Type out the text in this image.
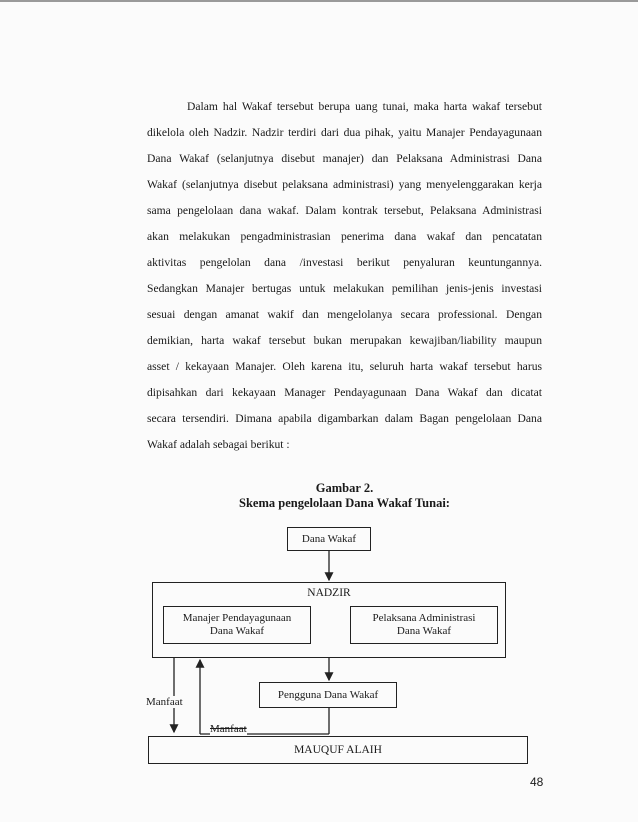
Dalam hal Wakaf tersebut berupa uang tunai, maka harta wakaf tersebut
dikelola oleh Nadzir. Nadzir terdiri dari dua pihak, yaitu Manajer Pendayagunaan
Dana Wakaf (selanjutnya disebut manajer) dan Pelaksana Administrasi Dana
Wakaf (selanjutnya disebut pelaksana administrasi) yang menyelenggarakan kerja
sama pengelolaan dana wakaf. Dalam kontrak tersebut, Pelaksana Administrasi
akan melakukan pengadministrasian penerima dana wakaf dan pencatatan
aktivitas pengelolan dana /investasi berikut penyaluran keuntungannya.
Sedangkan Manajer bertugas untuk melakukan pemilihan jenis-jenis investasi
sesuai dengan amanat wakif dan mengelolanya secara professional. Dengan
demikian, harta wakaf tersebut bukan merupakan kewajiban/liability maupun
asset / kekayaan Manajer. Oleh karena itu, seluruh harta wakaf tersebut harus
dipisahkan dari kekayaan Manager Pendayagunaan Dana Wakaf dan dicatat
secara tersendiri. Dimana apabila digambarkan dalam Bagan pengelolaan Dana
Wakaf adalah sebagai berikut :
Gambar 2.
Skema pengelolaan Dana Wakaf Tunai:
Dana Wakaf
NADZIR
Manajer Pendayagunaan
Dana Wakaf
Pelaksana Administrasi
Dana Wakaf
Pengguna Dana Wakaf
MAUQUF ALAIH
Manfaat
Manfaat
48
